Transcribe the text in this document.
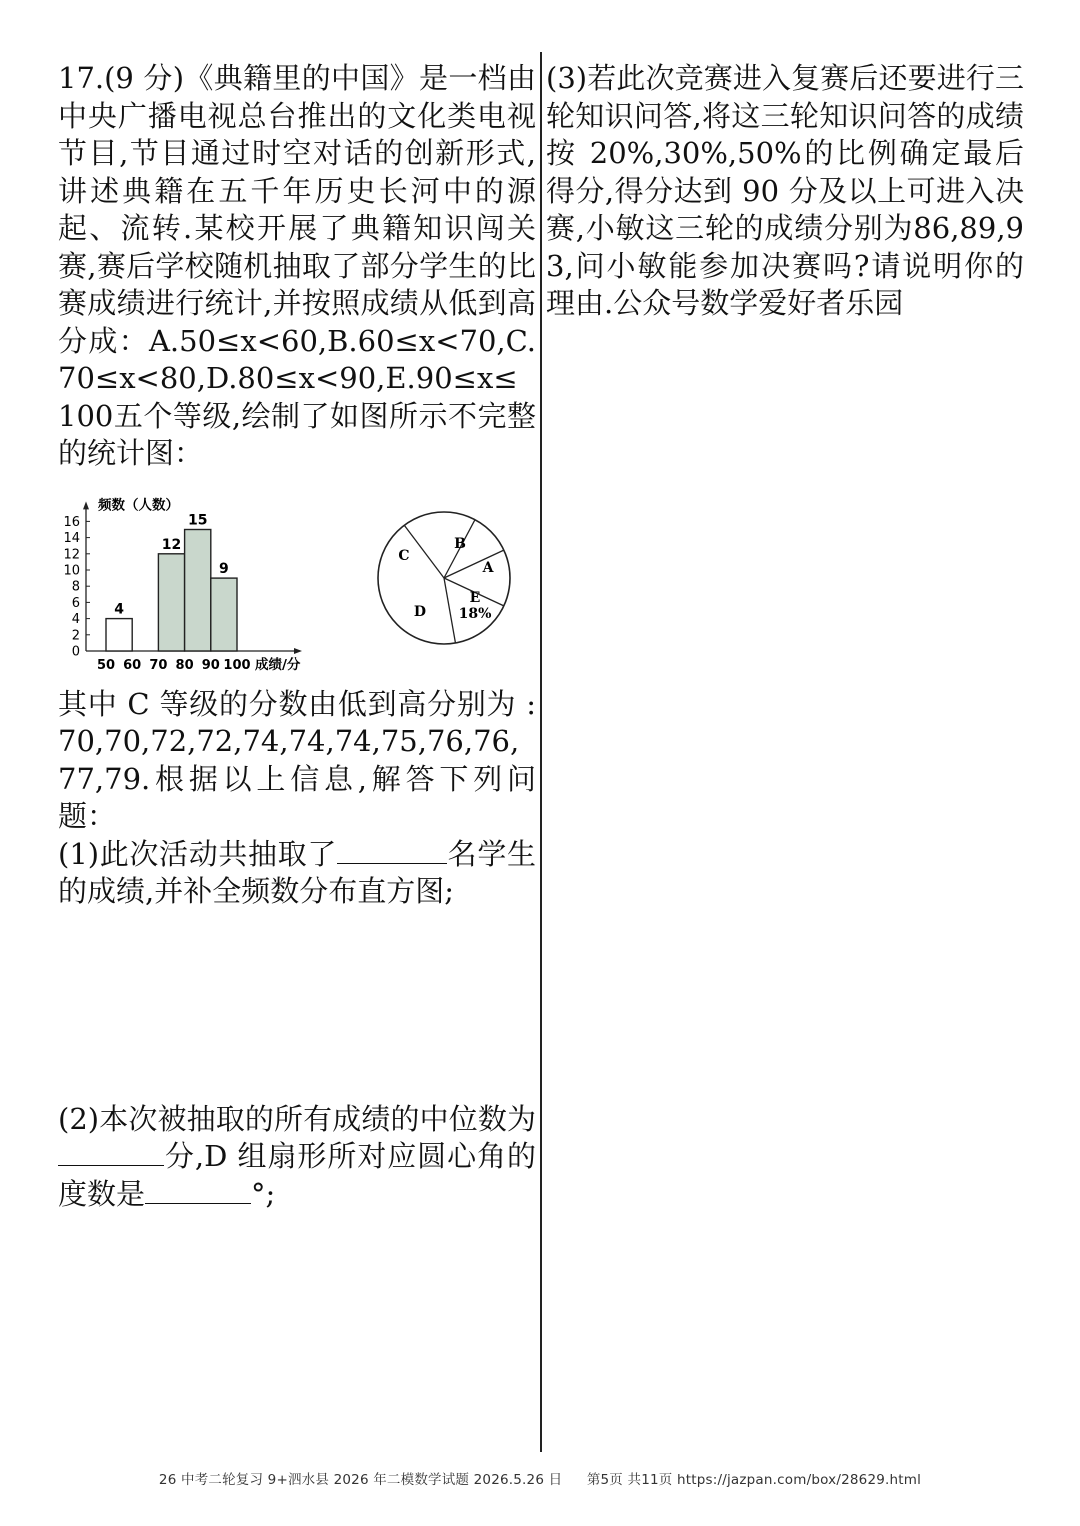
17.(9 分)《典籍里的中国》是一档由中央广播电视总台推出的文化类电视节目,节目通过时空对话的创新形式,讲述典籍在五千年历史长河中的源起、流转.某校开展了典籍知识闯关赛,赛后学校随机抽取了部分学生的比赛成绩进行统计,并按照成绩从低到高分成：A.50≤x<60,B.60≤x<70,C.70≤x<80,D.80≤x<90,E.90≤x≤100五个等级,绘制了如图所示不完整的统计图：

0
2
4
6
8
10
12
14
16
频数（人数）
50 60 70 80 90 100 成绩/分
4
12
15
9	A
B
C
D
E
18%

其中 C 等级的分数由低到高分别为 :70,70,72,72,74,74,74,75,76,76,77,79.根据以上信息,解答下列问题：

(1)此次活动共抽取了	名学生的成绩,并补全频数分布直方图;

(2)本次被抽取的所有成绩的中位数为分,D 组扇形所对应圆心角的度数是	°;

(3)若此次竞赛进入复赛后还要进行三轮知识问答,将这三轮知识问答的成绩按 20%,30%,50%的比例确定最后得分,得分达到 90 分及以上可进入决赛,小敏这三轮的成绩分别为86,89,93,问小敏能参加决赛吗?请说明你的理由.公众号数学爱好者乐园

26 中考二轮复习 9+泗水县 2026 年二模数学试题 2026.5.26 日 第5页 共11页 https://jazpan.com/box/28629.html
